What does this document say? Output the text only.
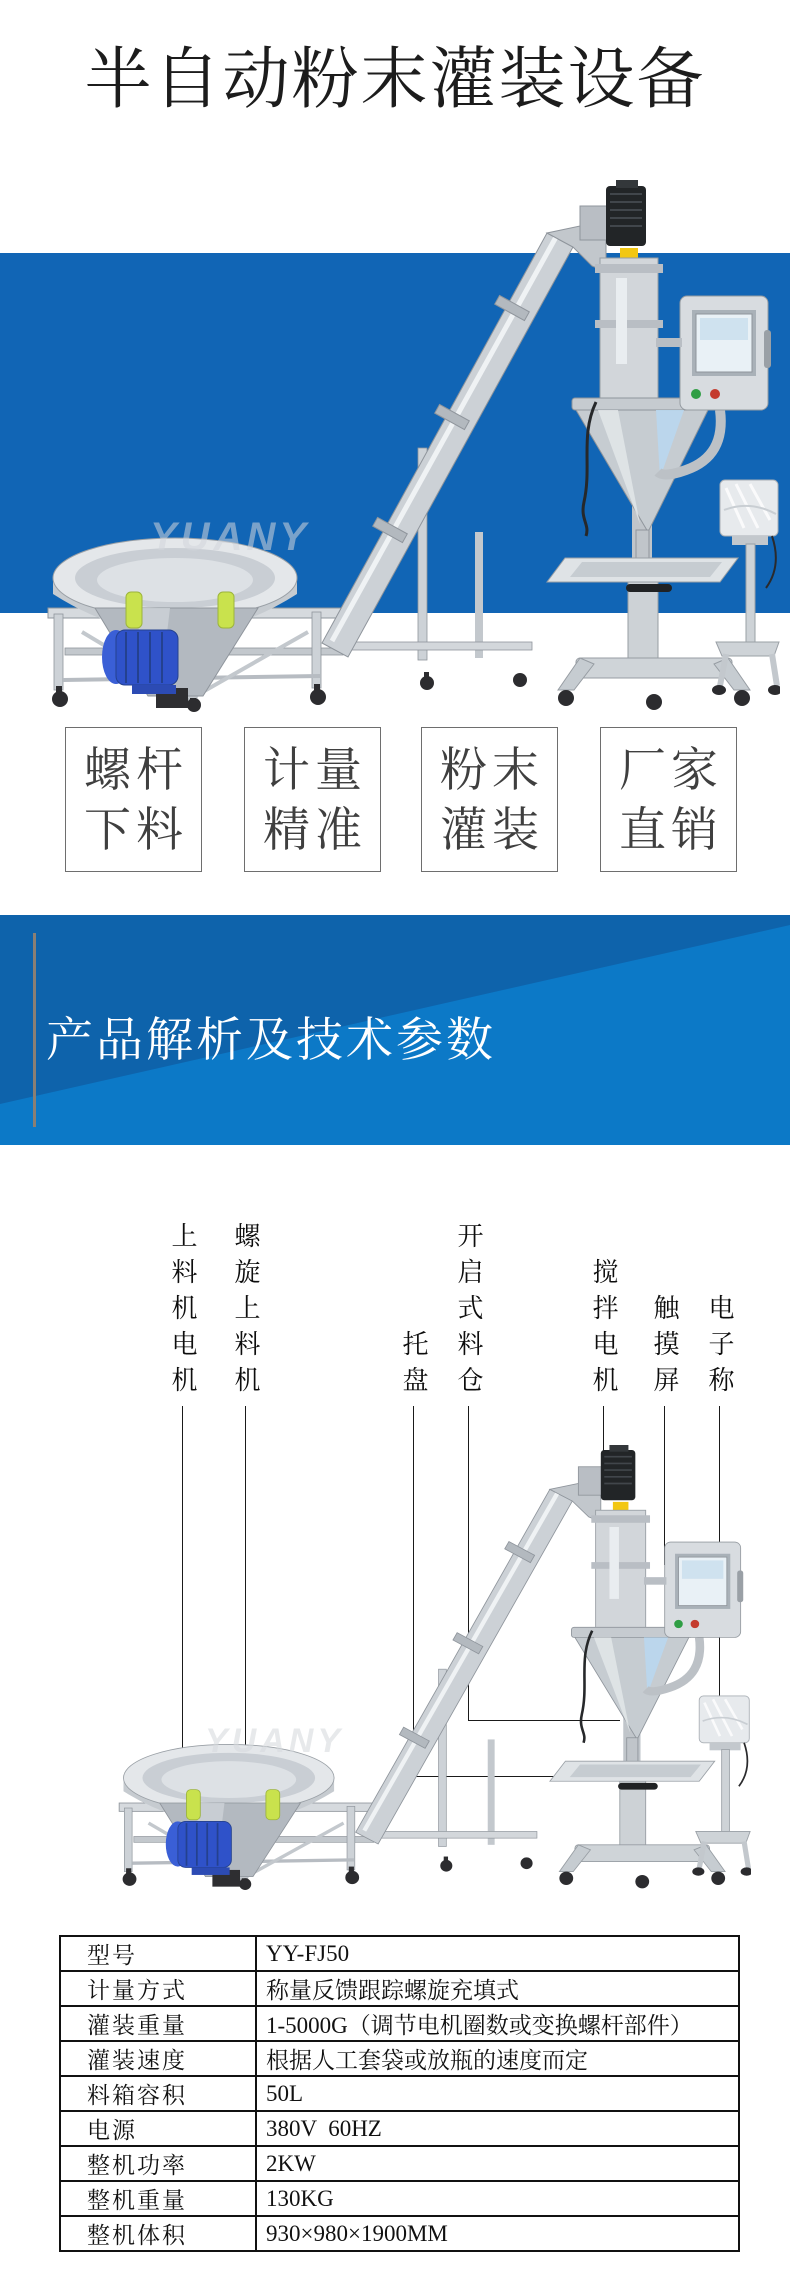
半自动粉末灌装设备
YUANY
螺杆
下料
计量
精准
粉末
灌装
厂家
直销
产品解析及技术参数
上料机电机 螺旋上料机	托盘 开启式料仓	搅拌电机 触摸屏 电子称
YUANY
型号	YY-FJ50
计量方式	称量反馈跟踪螺旋充填式
灌装重量	1-5000G（调节电机圈数或变换螺杆部件）
灌装速度	根据人工套袋或放瓶的速度而定
料箱容积	50L
电源	380V  60HZ
整机功率	2KW
整机重量	130KG
整机体积	930×980×1900MM
